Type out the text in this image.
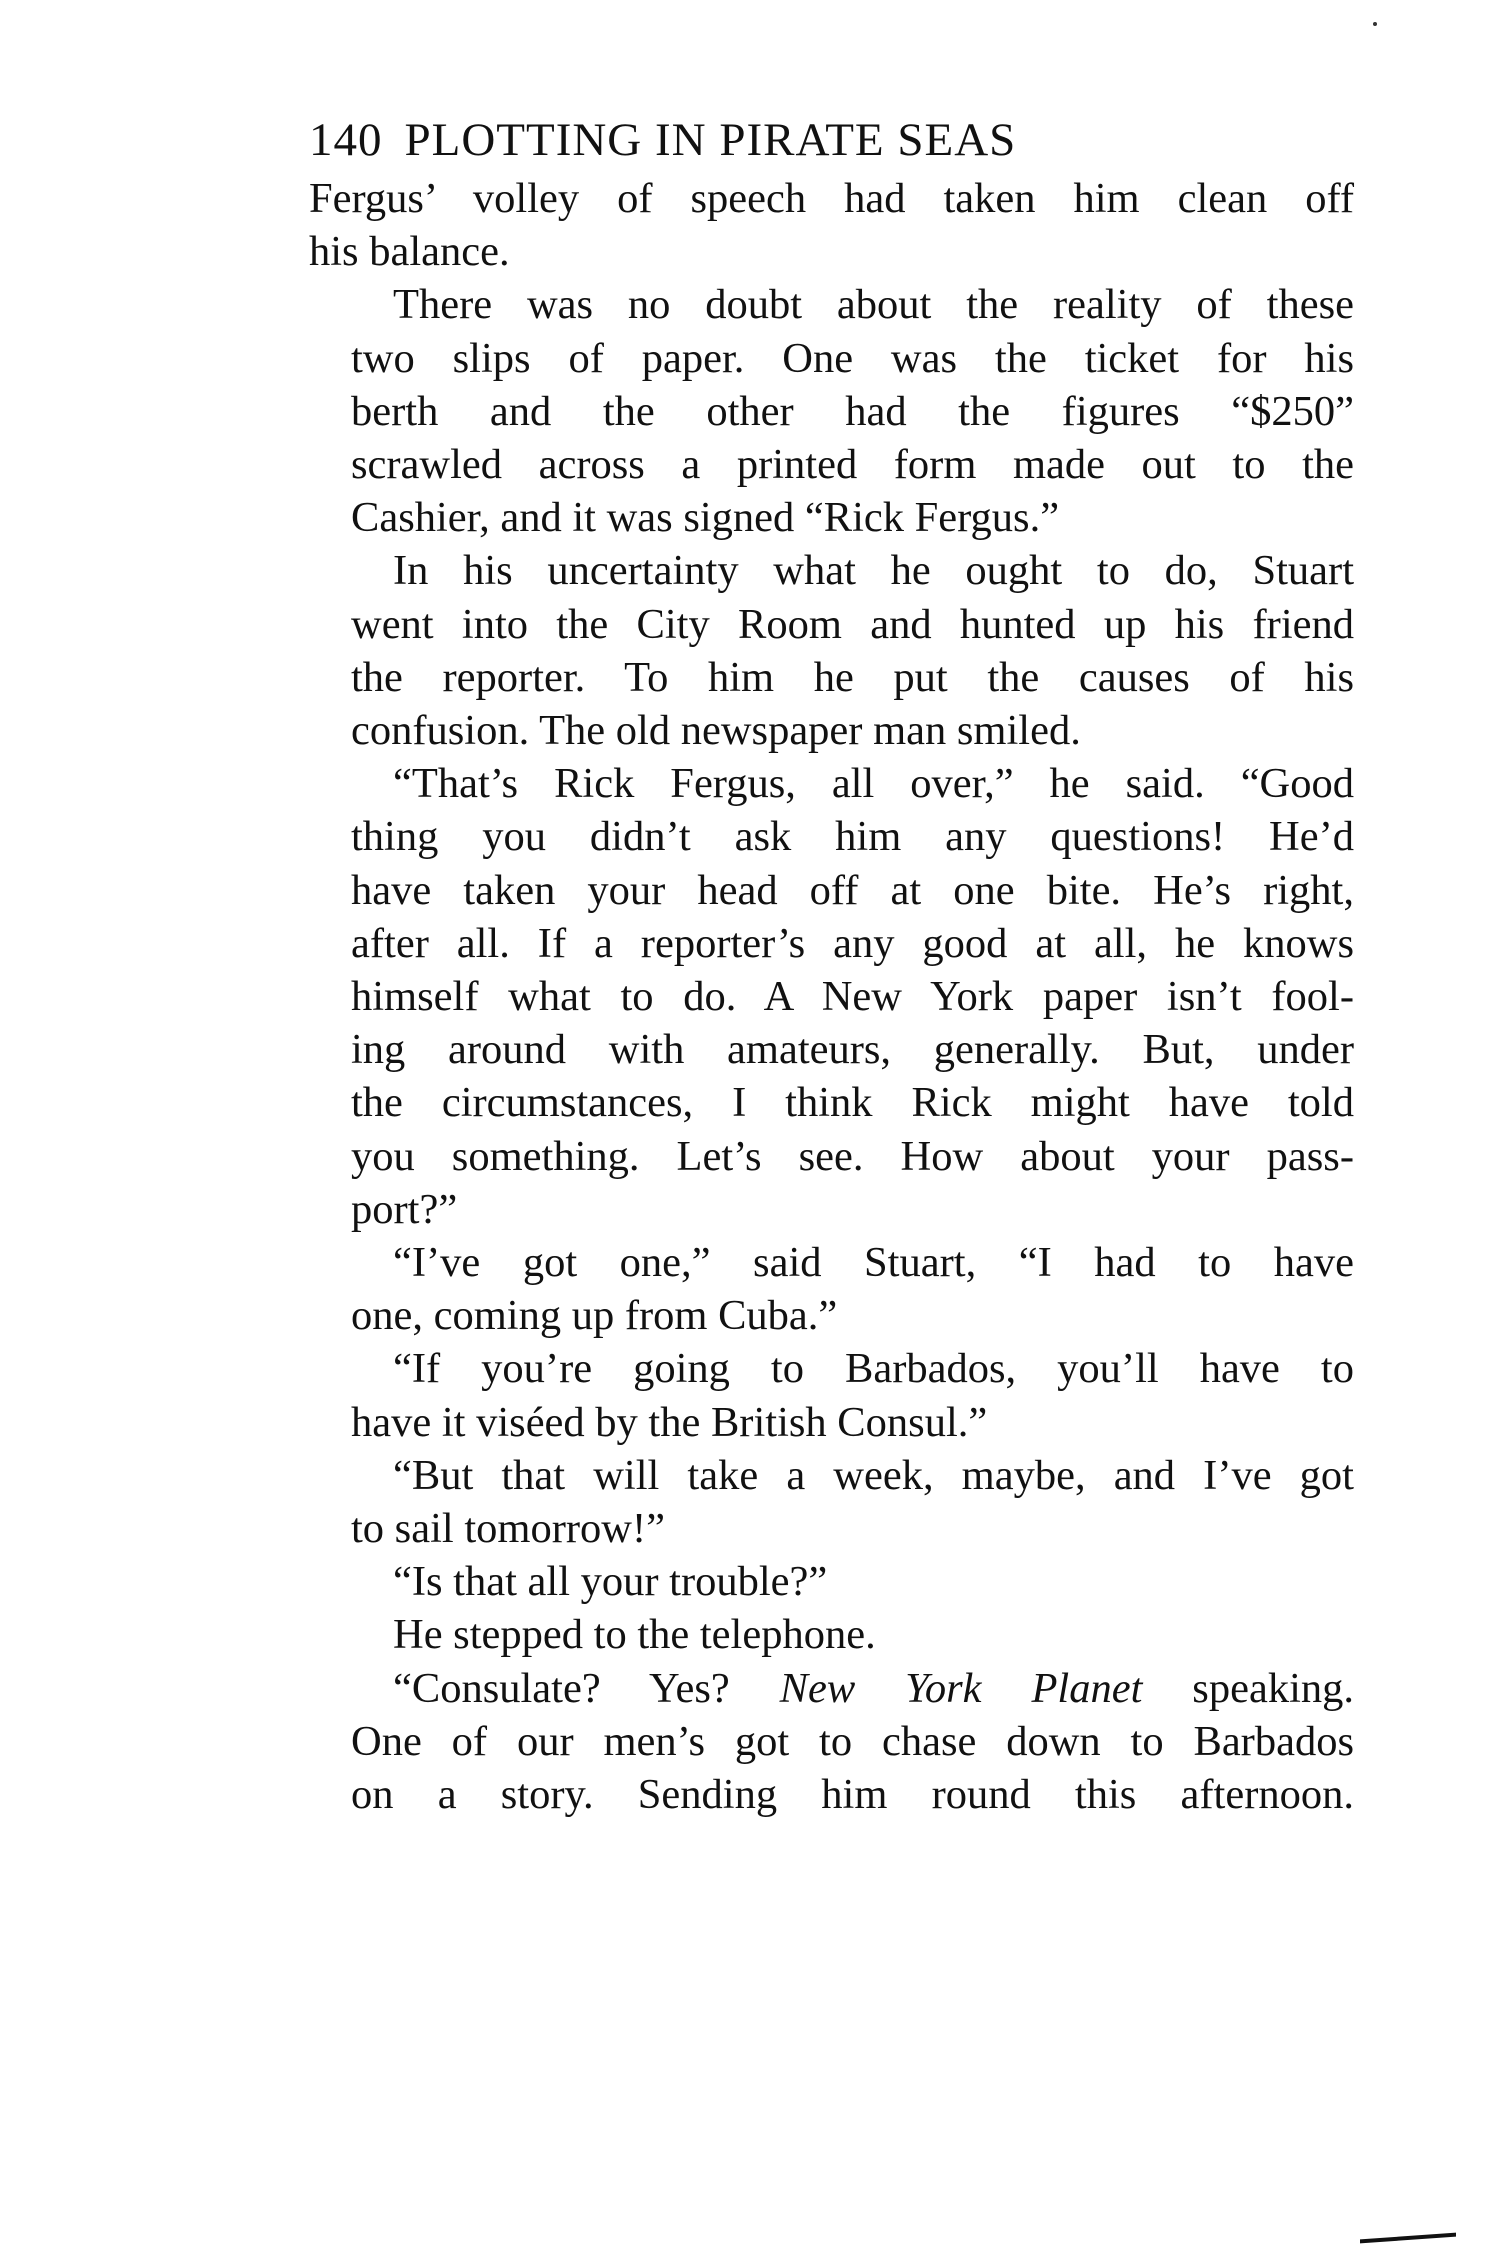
140 PLOTTING IN PIRATE SEAS

Fergus’ volley of speech had taken him clean off
his balance.

There was no doubt about the reality of these
two slips of paper. One was the ticket for his
berth and the other had the figures “$250”
scrawled across a printed form made out to the
Cashier, and it was signed “Rick Fergus.”

In his uncertainty what he ought to do, Stuart
went into the City Room and hunted up his friend
the reporter. To him he put the causes of his
confusion. The old newspaper man smiled.

“That’s Rick Fergus, all over,” he said. “Good
thing you didn’t ask him any questions! He’d
have taken your head off at one bite. He’s right,
after all. If a reporter’s any good at all, he knows
himself what to do. A New York paper isn’t fool-
ing around with amateurs, generally. But, under
the circumstances, I think Rick might have told
you something. Let’s see. How about your pass-
port?”

“I’ve got one,” said Stuart, “I had to have
one, coming up from Cuba.”

“If you’re going to Barbados, you’ll have to
have it viséed by the British Consul.”

“But that will take a week, maybe, and I’ve got
to sail tomorrow!”

“Is that all your trouble?”

He stepped to the telephone.

“Consulate? Yes? New York Planet speaking.
One of our men’s got to chase down to Barbados
on a story. Sending him round this afternoon.
